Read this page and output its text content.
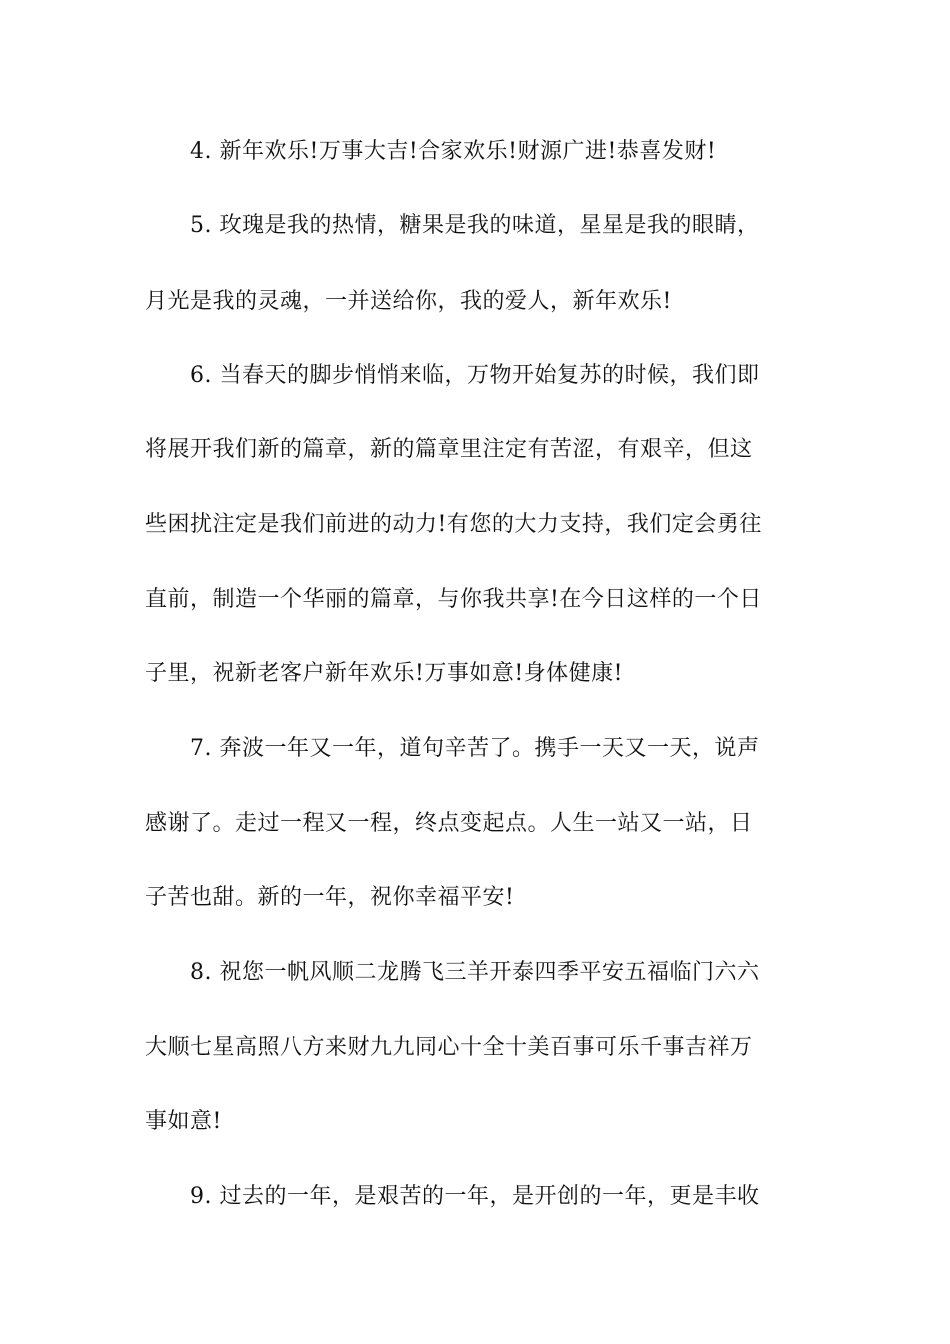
4. 新年欢乐!万事大吉!合家欢乐!财源广进!恭喜发财!
5. 玫瑰是我的热情，糖果是我的味道，星星是我的眼睛，
月光是我的灵魂，一并送给你，我的爱人，新年欢乐!
6. 当春天的脚步悄悄来临，万物开始复苏的时候，我们即
将展开我们新的篇章，新的篇章里注定有苦涩，有艰辛，但这
些困扰注定是我们前进的动力!有您的大力支持，我们定会勇往
直前，制造一个华丽的篇章，与你我共享!在今日这样的一个日
子里，祝新老客户新年欢乐!万事如意!身体健康!
7. 奔波一年又一年，道句辛苦了。携手一天又一天，说声
感谢了。走过一程又一程，终点变起点。人生一站又一站，日
子苦也甜。新的一年，祝你幸福平安!
8. 祝您一帆风顺二龙腾飞三羊开泰四季平安五福临门六六
大顺七星高照八方来财九九同心十全十美百事可乐千事吉祥万
事如意!
9. 过去的一年，是艰苦的一年，是开创的一年，更是丰收
